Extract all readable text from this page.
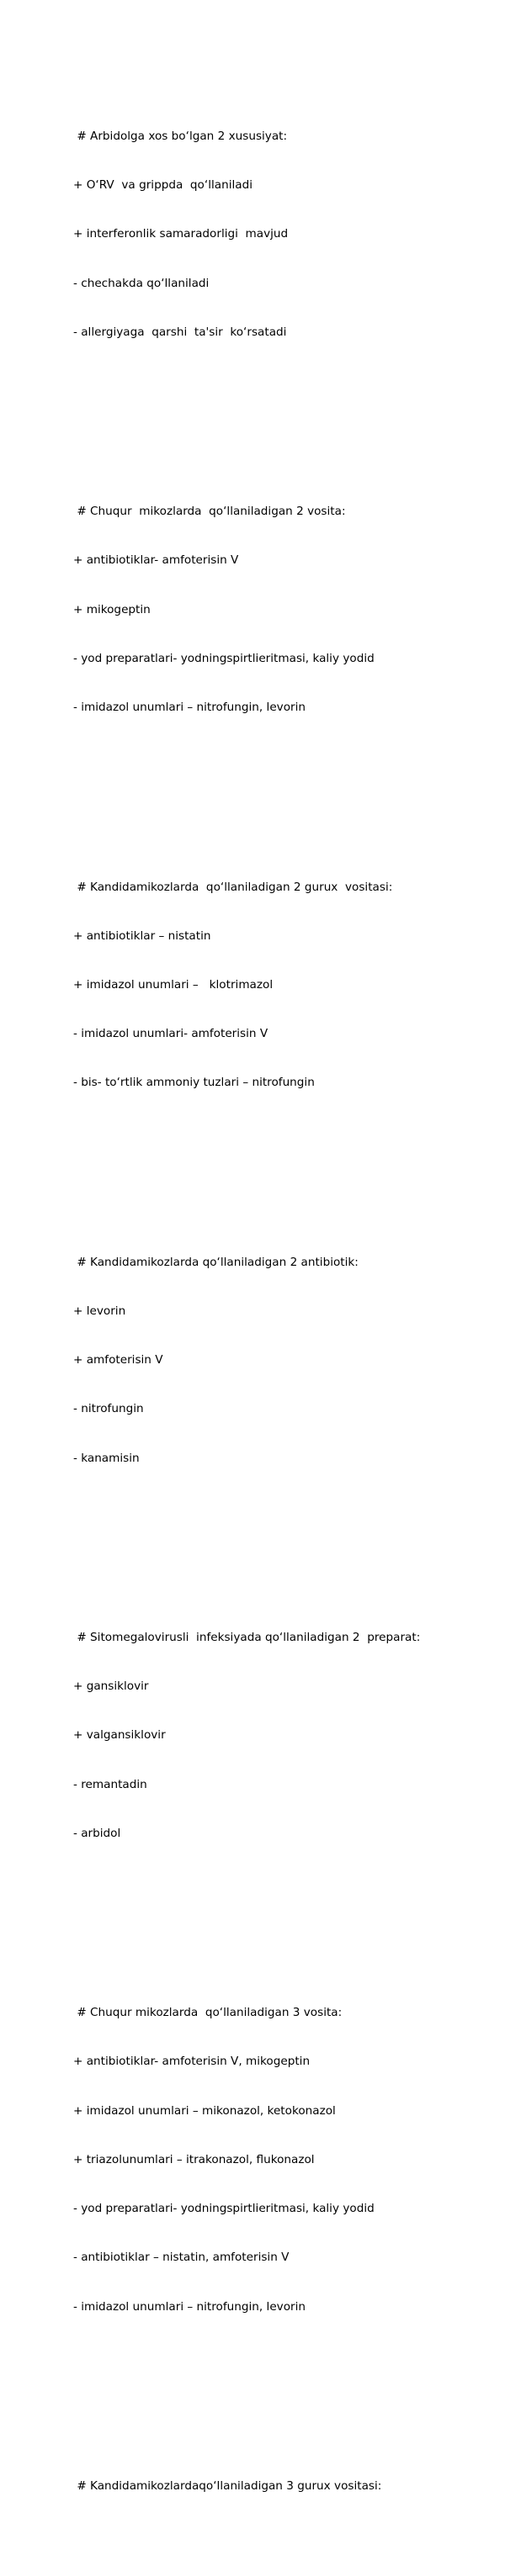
# Arbidolga xos bo‘lgan 2 xususiyat:

+ O‘RV  va grippda  qo‘llaniladi

+ interferonlik samaradorligi  mavjud

- chechakda qo‘llaniladi

- allergiyaga  qarshi  ta'sir  ko‘rsatadi

# Chuqur  mikozlarda  qo‘llaniladigan 2 vosita:

+ antibiotiklar- amfoterisin V

+ mikogeptin

- yod preparatlari- yodningspirtlieritmasi, kaliy yodid

- imidazol unumlari – nitrofungin, levorin

# Kandidamikozlarda  qo‘llaniladigan 2 gurux  vositasi:

+ antibiotiklar – nistatin

+ imidazol unumlari –   klotrimazol

- imidazol unumlari- amfoterisin V

- bis- to‘rtlik ammoniy tuzlari – nitrofungin

# Kandidamikozlarda qo‘llaniladigan 2 antibiotik:

+ levorin

+ amfoterisin V

- nitrofungin

- kanamisin

# Sitomegalovirusli  infeksiyada qo‘llaniladigan 2  preparat:

+ gansiklovir

+ valgansiklovir

- remantadin

- arbidol

# Chuqur mikozlarda  qo‘llaniladigan 3 vosita:

+ antibiotiklar- amfoterisin V, mikogeptin

+ imidazol unumlari – mikonazol, ketokonazol

+ triazolunumlari – itrakonazol, flukonazol

- yod preparatlari- yodningspirtlieritmasi, kaliy yodid

- antibiotiklar – nistatin, amfoterisin V

- imidazol unumlari – nitrofungin, levorin

# Kandidamikozlardaqo‘llaniladigan 3 gurux vositasi:
